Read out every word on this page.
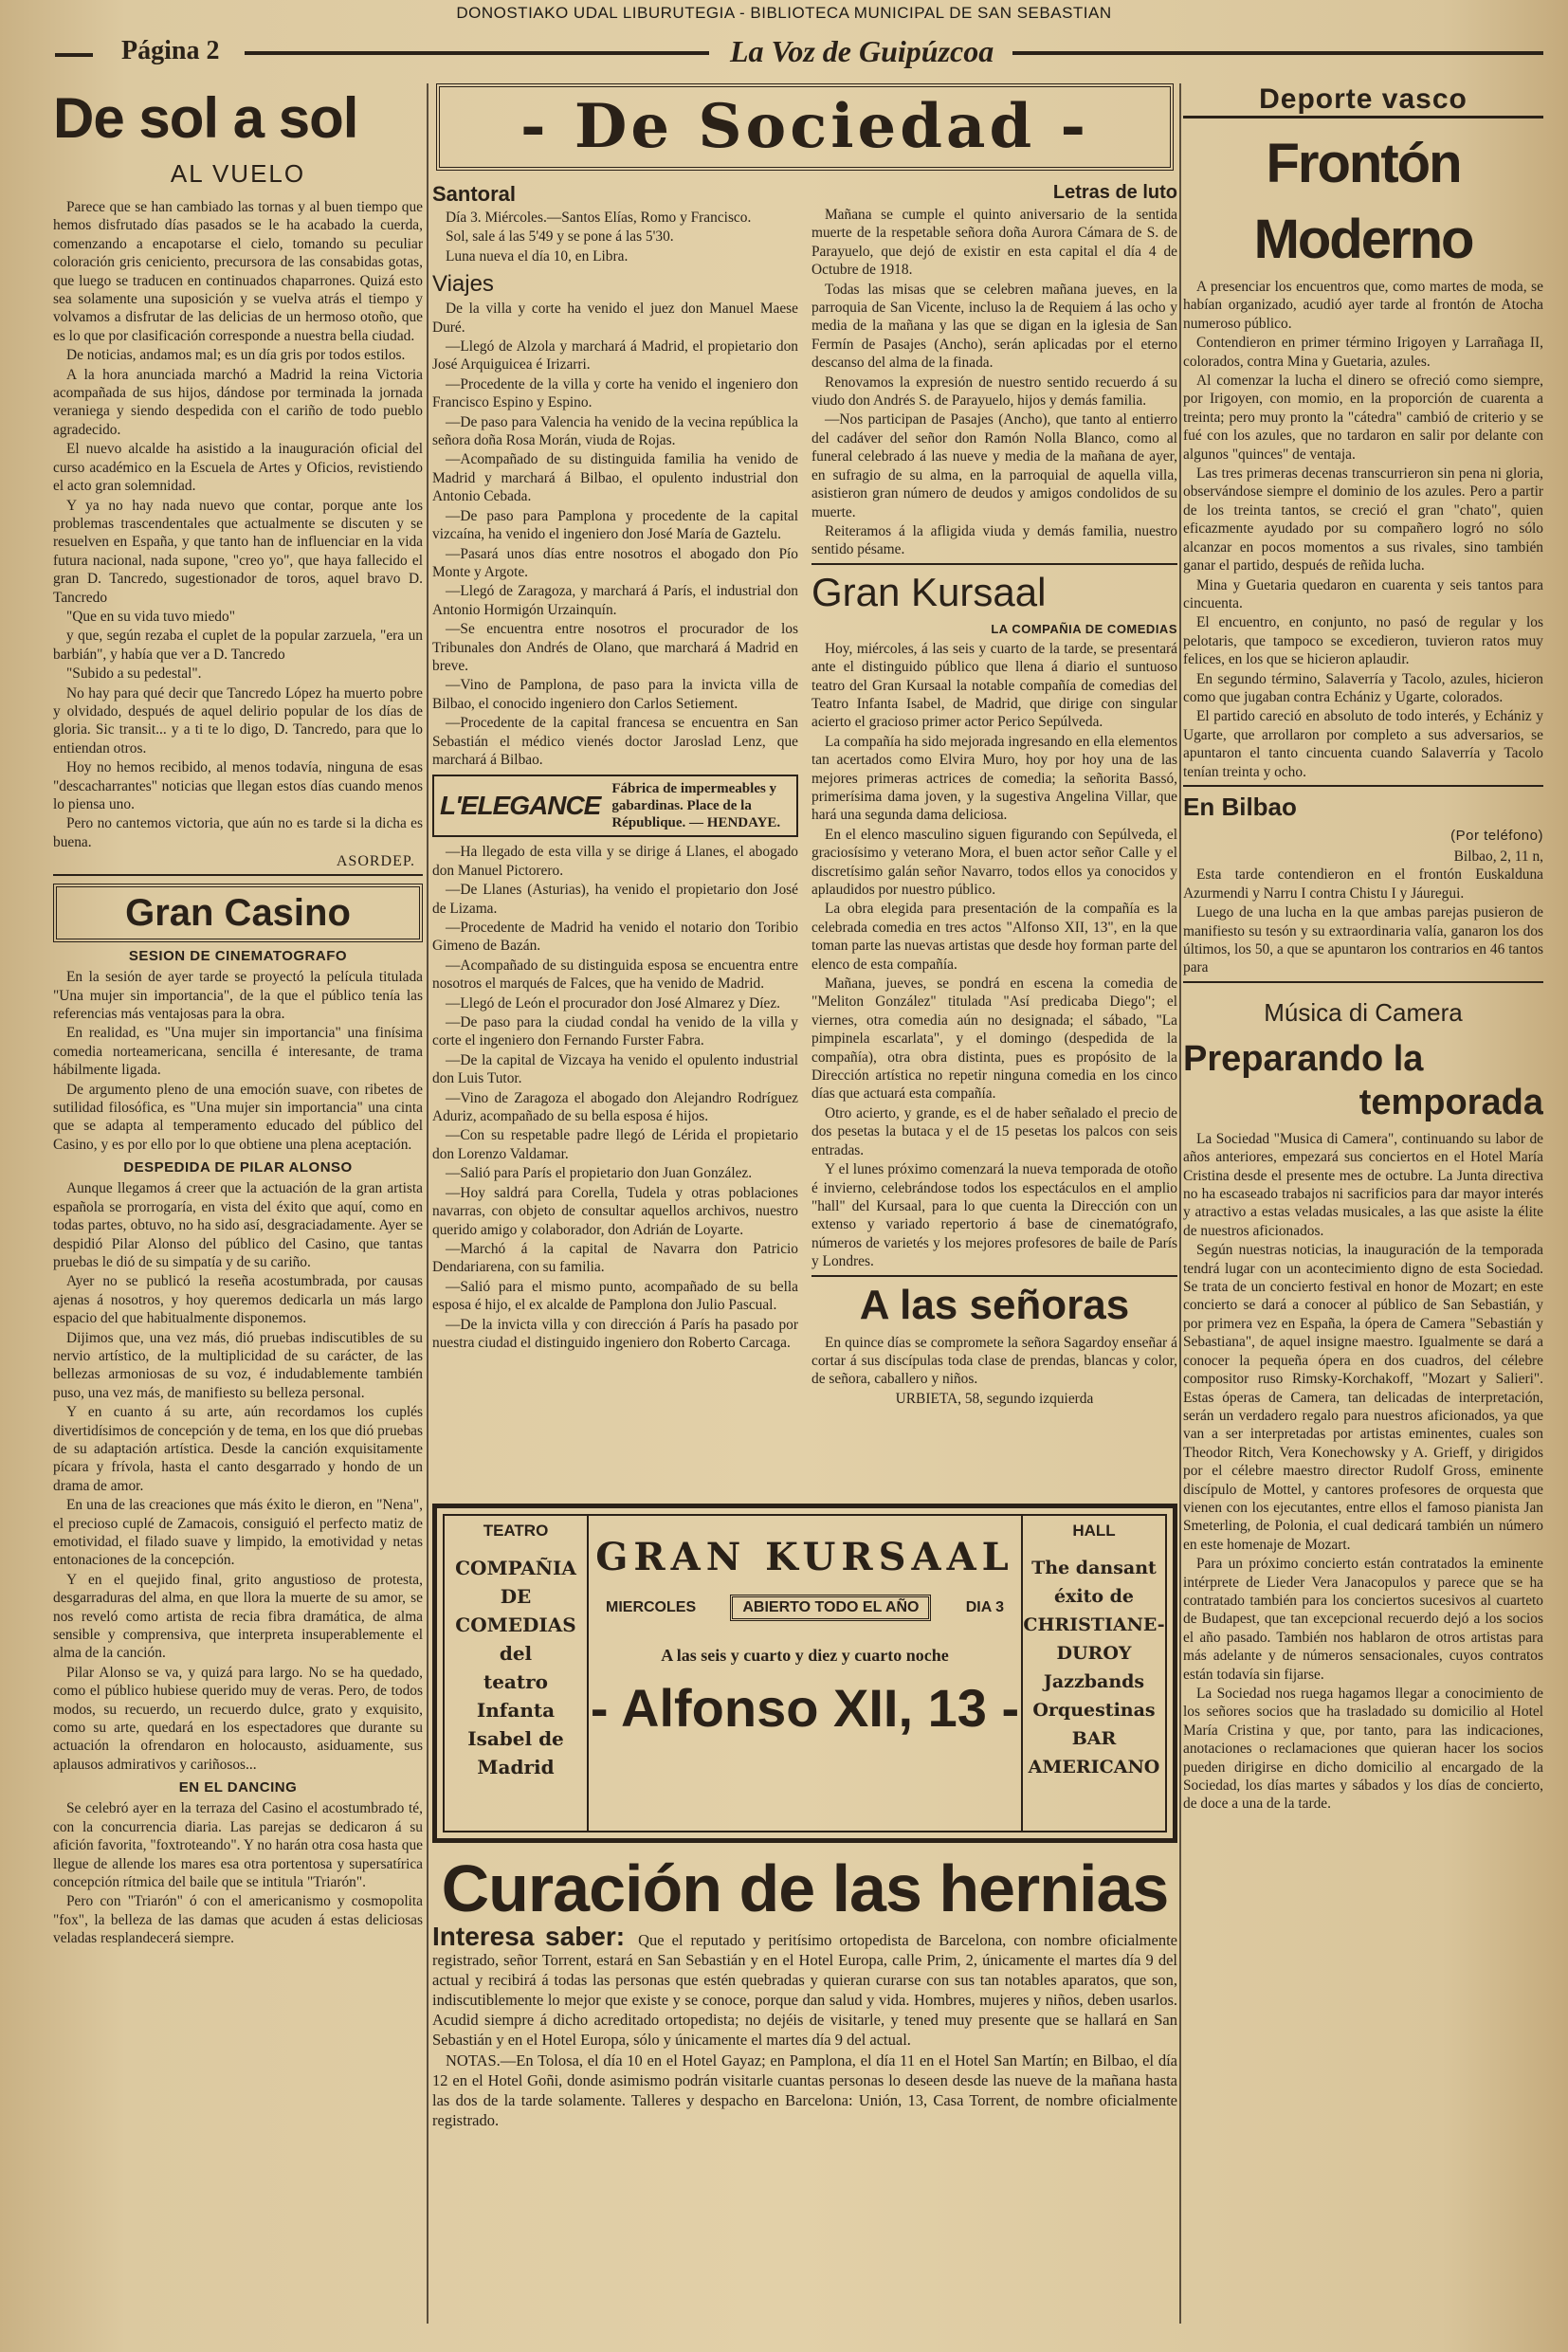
DONOSTIAKO UDAL LIBURUTEGIA - BIBLIOTECA MUNICIPAL DE SAN SEBASTIAN
Página 2	La Voz de Guipúzcoa
De sol a sol
AL VUELO

Parece que se han cambiado las tornas y al buen tiempo que hemos disfrutado días pasados se le ha acabado la cuerda, comenzando a encapotarse el cielo, tomando su peculiar coloración gris ceniciento, precursora de las consabidas gotas, que luego se traducen en continuados chaparrones. Quizá esto sea solamente una suposición y se vuelva atrás el tiempo y volvamos a disfrutar de las delicias de un hermoso otoño, que es lo que por clasificación corresponde a nuestra bella ciudad.

De noticias, andamos mal; es un día gris por todos estilos.

A la hora anunciada marchó a Madrid la reina Victoria acompañada de sus hijos, dándose por terminada la jornada veraniega y siendo despedida con el cariño de todo pueblo agradecido.

El nuevo alcalde ha asistido a la inauguración oficial del curso académico en la Escuela de Artes y Oficios, revistiendo el acto gran solemnidad.

Y ya no hay nada nuevo que contar, porque ante los problemas trascendentales que actualmente se discuten y se resuelven en España, y que tanto han de influenciar en la vida futura nacional, nada supone, "creo yo", que haya fallecido el gran D. Tancredo, sugestionador de toros, aquel bravo D. Tancredo

"Que en su vida tuvo miedo"

y que, según rezaba el cuplet de la popular zarzuela, "era un barbián", y había que ver a D. Tancredo

"Subido a su pedestal".

No hay para qué decir que Tancredo López ha muerto pobre y olvidado, después de aquel delirio popular de los días de gloria. Sic transit... y a ti te lo digo, D. Tancredo, para que lo entiendan otros.

Hoy no hemos recibido, al menos todavía, ninguna de esas "descacharrantes" noticias que llegan estos días cuando menos lo piensa uno.

Pero no cantemos victoria, que aún no es tarde si la dicha es buena.

ASORDEP.
Gran Casino
SESION DE CINEMATOGRAFO

En la sesión de ayer tarde se proyectó la película titulada "Una mujer sin importancia", de la que el público tenía las referencias más ventajosas para la obra.

En realidad, es "Una mujer sin importancia" una finísima comedia norteamericana, sencilla é interesante, de trama hábilmente ligada.

De argumento pleno de una emoción suave, con ribetes de sutilidad filosófica, es "Una mujer sin importancia" una cinta que se adapta al temperamento educado del público del Casino, y es por ello por lo que obtiene una plena aceptación.

DESPEDIDA DE PILAR ALONSO

Aunque llegamos á creer que la actuación de la gran artista española se prorrogaría, en vista del éxito que aquí, como en todas partes, obtuvo, no ha sido así, desgraciadamente. Ayer se despidió Pilar Alonso del público del Casino, que tantas pruebas le dió de su simpatía y de su cariño.

Ayer no se publicó la reseña acostumbrada, por causas ajenas á nosotros, y hoy queremos dedicarla un más largo espacio del que habitualmente disponemos.

Dijimos que, una vez más, dió pruebas indiscutibles de su nervio artístico, de la multiplicidad de su carácter, de las bellezas armoniosas de su voz, é indudablemente también puso, una vez más, de manifiesto su belleza personal.

Y en cuanto á su arte, aún recordamos los cuplés divertidísimos de concepción y de tema, en los que dió pruebas de su adaptación artística. Desde la canción exquisitamente pícara y frívola, hasta el canto desgarrado y hondo de un drama de amor.

En una de las creaciones que más éxito le dieron, en "Nena", el precioso cuplé de Zamacois, consiguió el perfecto matiz de emotividad, el filado suave y limpido, la emotividad y netas entonaciones de la concepción.

Y en el quejido final, grito angustioso de protesta, desgarraduras del alma, en que llora la muerte de su amor, se nos reveló como artista de recia fibra dramática, de alma sensible y comprensiva, que interpreta insuperablemente el alma de la canción.

Pilar Alonso se va, y quizá para largo. No se ha quedado, como el público hubiese querido muy de veras. Pero, de todos modos, su recuerdo, un recuerdo dulce, grato y exquisito, como su arte, quedará en los espectadores que durante su actuación la ofrendaron en holocausto, asiduamente, sus aplausos admirativos y cariñosos...

EN EL DANCING

Se celebró ayer en la terraza del Casino el acostumbrado té, con la concurrencia diaria. Las parejas se dedicaron á su afición favorita, "foxtroteando". Y no harán otra cosa hasta que llegue de allende los mares esa otra portentosa y supersatírica concepción rítmica del baile que se intitula "Triarón".

Pero con "Triarón" ó con el americanismo y cosmopolita "fox", la belleza de las damas que acuden á estas deliciosas veladas resplandecerá siempre.

- De Sociedad -
Santoral

Día 3. Miércoles.—Santos Elías, Romo y Francisco.

Sol, sale á las 5'49 y se pone á las 5'30.

Luna nueva el día 10, en Libra.

Viajes

De la villa y corte ha venido el juez don Manuel Maese Duré.

—Llegó de Alzola y marchará á Madrid, el propietario don José Arquiguicea é Irizarri.

—Procedente de la villa y corte ha venido el ingeniero don Francisco Espino y Espino.

—De paso para Valencia ha venido de la vecina república la señora doña Rosa Morán, viuda de Rojas.

—Acompañado de su distinguida familia ha venido de Madrid y marchará á Bilbao, el opulento industrial don Antonio Cebada.

—De paso para Pamplona y procedente de la capital vizcaína, ha venido el ingeniero don José María de Gaztelu.

—Pasará unos días entre nosotros el abogado don Pío Monte y Argote.

—Llegó de Zaragoza, y marchará á París, el industrial don Antonio Hormigón Urzainquín.

—Se encuentra entre nosotros el procurador de los Tribunales don Andrés de Olano, que marchará á Madrid en breve.

—Vino de Pamplona, de paso para la invicta villa de Bilbao, el conocido ingeniero don Carlos Setiement.

—Procedente de la capital francesa se encuentra en San Sebastián el médico vienés doctor Jaroslad Lenz, que marchará á Bilbao.

L'ELEGANCE
Fábrica de impermeables y gabardinas. Place de la République. — HENDAYE.

—Ha llegado de esta villa y se dirige á Llanes, el abogado don Manuel Pictorero.

—De Llanes (Asturias), ha venido el propietario don José de Lizama.

—Procedente de Madrid ha venido el notario don Toribio Gimeno de Bazán.

—Acompañado de su distinguida esposa se encuentra entre nosotros el marqués de Falces, que ha venido de Madrid.

—Llegó de León el procurador don José Almarez y Díez.

—De paso para la ciudad condal ha venido de la villa y corte el ingeniero don Fernando Furster Fabra.

—De la capital de Vizcaya ha venido el opulento industrial don Luis Tutor.

—Vino de Zaragoza el abogado don Alejandro Rodríguez Aduriz, acompañado de su bella esposa é hijos.

—Con su respetable padre llegó de Lérida el propietario don Lorenzo Valdamar.

—Salió para París el propietario don Juan González.

—Hoy saldrá para Corella, Tudela y otras poblaciones navarras, con objeto de consultar aquellos archivos, nuestro querido amigo y colaborador, don Adrián de Loyarte.

—Marchó á la capital de Navarra don Patricio Dendariarena, con su familia.

—Salió para el mismo punto, acompañado de su bella esposa é hijo, el ex alcalde de Pamplona don Julio Pascual.

—De la invicta villa y con dirección á París ha pasado por nuestra ciudad el distinguido ingeniero don Roberto Carcaga.

Letras de luto

Mañana se cumple el quinto aniversario de la sentida muerte de la respetable señora doña Aurora Cámara de S. de Parayuelo, que dejó de existir en esta capital el día 4 de Octubre de 1918.

Todas las misas que se celebren mañana jueves, en la parroquia de San Vicente, incluso la de Requiem á las ocho y media de la mañana y las que se digan en la iglesia de San Fermín de Pasajes (Ancho), serán aplicadas por el eterno descanso del alma de la finada.

Renovamos la expresión de nuestro sentido recuerdo á su viudo don Andrés S. de Parayuelo, hijos y demás familia.

—Nos participan de Pasajes (Ancho), que tanto al entierro del cadáver del señor don Ramón Nolla Blanco, como al funeral celebrado á las nueve y media de la mañana de ayer, en sufragio de su alma, en la parroquial de aquella villa, asistieron gran número de deudos y amigos condolidos de su muerte.

Reiteramos á la afligida viuda y demás familia, nuestro sentido pésame.

Gran Kursaal
LA COMPAÑIA DE COMEDIAS

Hoy, miércoles, á las seis y cuarto de la tarde, se presentará ante el distinguido público que llena á diario el suntuoso teatro del Gran Kursaal la notable compañía de comedias del Teatro Infanta Isabel, de Madrid, que dirige con singular acierto el gracioso primer actor Perico Sepúlveda.

La compañía ha sido mejorada ingresando en ella elementos tan acertados como Elvira Muro, hoy por hoy una de las mejores primeras actrices de comedia; la señorita Bassó, primerísima dama joven, y la sugestiva Angelina Villar, que hará una segunda dama deliciosa.

En el elenco masculino siguen figurando con Sepúlveda, el graciosísimo y veterano Mora, el buen actor señor Calle y el discretísimo galán señor Navarro, todos ellos ya conocidos y aplaudidos por nuestro público.

La obra elegida para presentación de la compañía es la celebrada comedia en tres actos "Alfonso XII, 13", en la que toman parte las nuevas artistas que desde hoy forman parte del elenco de esta compañía.

Mañana, jueves, se pondrá en escena la comedia de "Meliton González" titulada "Así predicaba Diego"; el viernes, otra comedia aún no designada; el sábado, "La pimpinela escarlata", y el domingo (despedida de la compañía), otra obra distinta, pues es propósito de la Dirección artística no repetir ninguna comedia en los cinco días que actuará esta compañía.

Otro acierto, y grande, es el de haber señalado el precio de dos pesetas la butaca y el de 15 pesetas los palcos con seis entradas.

Y el lunes próximo comenzará la nueva temporada de otoño é invierno, celebrándose todos los espectáculos en el amplio "hall" del Kursaal, para lo que cuenta la Dirección con un extenso y variado repertorio á base de cinematógrafo, números de varietés y los mejores profesores de baile de París y Londres.

A las señoras

En quince días se compromete la señora Sagardoy enseñar á cortar á sus discípulas toda clase de prendas, blancas y color, de señora, caballero y niños.

URBIETA, 58, segundo izquierda
TEATRO
COMPAÑIA DE
COMEDIAS
del
teatro Infanta
Isabel de Madrid
GRAN KURSAAL
MIERCOLES	ABIERTO TODO EL AÑO	DIA 3
A las seis y cuarto y diez y cuarto noche
- Alfonso XII, 13 -
HALL
The dansant
éxito de
CHRISTIANE-DUROY
Jazzbands
Orquestinas
BAR AMERICANO
Curación de las hernias

Interesa saber: Que el reputado y peritísimo ortopedista de Barcelona, con nombre oficialmente registrado, señor Torrent, estará en San Sebastián y en el Hotel Europa, calle Prim, 2, únicamente el martes día 9 del actual y recibirá á todas las personas que estén quebradas y quieran curarse con sus tan notables aparatos, que son, indiscutiblemente lo mejor que existe y se conoce, porque dan salud y vida. Hombres, mujeres y niños, deben usarlos. Acudid siempre á dicho acreditado ortopedista; no dejéis de visitarle, y tened muy presente que se hallará en San Sebastián y en el Hotel Europa, sólo y únicamente el martes día 9 del actual.

NOTAS.—En Tolosa, el día 10 en el Hotel Gayaz; en Pamplona, el día 11 en el Hotel San Martín; en Bilbao, el día 12 en el Hotel Goñi, donde asimismo podrán visitarle cuantas personas lo deseen desde las nueve de la mañana hasta las dos de la tarde solamente. Talleres y despacho en Barcelona: Unión, 13, Casa Torrent, de nombre oficialmente registrado.

Deporte vasco
Frontón Moderno

A presenciar los encuentros que, como martes de moda, se habían organizado, acudió ayer tarde al frontón de Atocha numeroso público.

Contendieron en primer término Irigoyen y Larrañaga II, colorados, contra Mina y Guetaria, azules.

Al comenzar la lucha el dinero se ofreció como siempre, por Irigoyen, con momio, en la proporción de cuarenta a treinta; pero muy pronto la "cátedra" cambió de criterio y se fué con los azules, que no tardaron en salir por delante con algunos "quinces" de ventaja.

Las tres primeras decenas transcurrieron sin pena ni gloria, observándose siempre el dominio de los azules. Pero a partir de los treinta tantos, se creció el gran "chato", quien eficazmente ayudado por su compañero logró no sólo alcanzar en pocos momentos a sus rivales, sino también ganar el partido, después de reñida lucha.

Mina y Guetaria quedaron en cuarenta y seis tantos para cincuenta.

El encuentro, en conjunto, no pasó de regular y los pelotaris, que tampoco se excedieron, tuvieron ratos muy felices, en los que se hicieron aplaudir.

En segundo término, Salaverría y Tacolo, azules, hicieron como que jugaban contra Echániz y Ugarte, colorados.

El partido careció en absoluto de todo interés, y Echániz y Ugarte, que arrollaron por completo a sus adversarios, se apuntaron el tanto cincuenta cuando Salaverría y Tacolo tenían treinta y ocho.

En Bilbao
(Por teléfono)
Bilbao, 2, 11 n,

Esta tarde contendieron en el frontón Euskalduna Azurmendi y Narru I contra Chistu I y Jáuregui.

Luego de una lucha en la que ambas parejas pusieron de manifiesto su tesón y su extraordinaria valía, ganaron los dos últimos, los 50, a que se apuntaron los contrarios en 46 tantos para

Música di Camera
Preparando la
temporada

La Sociedad "Musica di Camera", continuando su labor de años anteriores, empezará sus conciertos en el Hotel María Cristina desde el presente mes de octubre. La Junta directiva no ha escaseado trabajos ni sacrificios para dar mayor interés y atractivo a estas veladas musicales, a las que asiste la élite de nuestros aficionados.

Según nuestras noticias, la inauguración de la temporada tendrá lugar con un acontecimiento digno de esta Sociedad. Se trata de un concierto festival en honor de Mozart; en este concierto se dará a conocer al público de San Sebastián, y por primera vez en España, la ópera de Camera "Sebastián y Sebastiana", de aquel insigne maestro. Igualmente se dará a conocer la pequeña ópera en dos cuadros, del célebre compositor ruso Rimsky-Korchakoff, "Mozart y Salieri". Estas óperas de Camera, tan delicadas de interpretación, serán un verdadero regalo para nuestros aficionados, ya que van a ser interpretadas por artistas eminentes, cuales son Theodor Ritch, Vera Konechowsky y A. Grieff, y dirigidos por el célebre maestro director Rudolf Gross, eminente discípulo de Mottel, y cantores profesores de orquesta que vienen con los ejecutantes, entre ellos el famoso pianista Jan Smeterling, de Polonia, el cual dedicará también un número en este homenaje de Mozart.

Para un próximo concierto están contratados la eminente intérprete de Lieder Vera Janacopulos y parece que se ha contratado también para los conciertos sucesivos al cuarteto de Budapest, que tan excepcional recuerdo dejó a los socios el año pasado. También nos hablaron de otros artistas para más adelante y de números sensacionales, cuyos contratos están todavía sin fijarse.

La Sociedad nos ruega hagamos llegar a conocimiento de los señores socios que ha trasladado su domicilio al Hotel María Cristina y que, por tanto, para las indicaciones, anotaciones o reclamaciones que quieran hacer los socios pueden dirigirse en dicho domicilio al encargado de la Sociedad, los días martes y sábados y los días de concierto, de doce a una de la tarde.
